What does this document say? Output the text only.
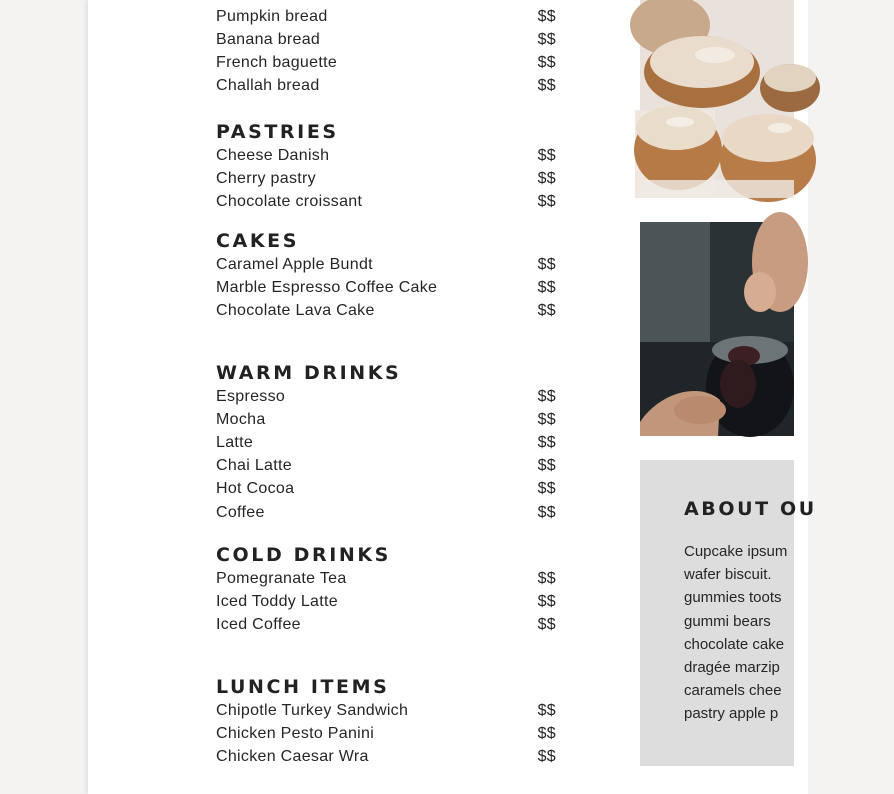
Pumpkin bread	$$
Banana bread	$$
French baguette	$$
Challah bread	$$
PASTRIES
Cheese Danish	$$
Cherry pastry	$$
Chocolate croissant	$$
CAKES
Caramel Apple Bundt	$$
Marble Espresso Coffee Cake	$$
Chocolate Lava Cake	$$
WARM DRINKS
Espresso	$$
Mocha	$$
Latte	$$
Chai Latte	$$
Hot Cocoa	$$
Coffee	$$
COLD DRINKS
Pomegranate Tea	$$
Iced Toddy Latte	$$
Iced Coffee	$$
LUNCH ITEMS
Chipotle Turkey Sandwich	$$
Chicken Pesto Panini	$$
Chicken Caesar Wra	$$
ABOUT OU
Cupcake ipsum
wafer biscuit.
gummies toots
gummi bears
chocolate cake
dragée marzip
caramels chee
pastry apple p
